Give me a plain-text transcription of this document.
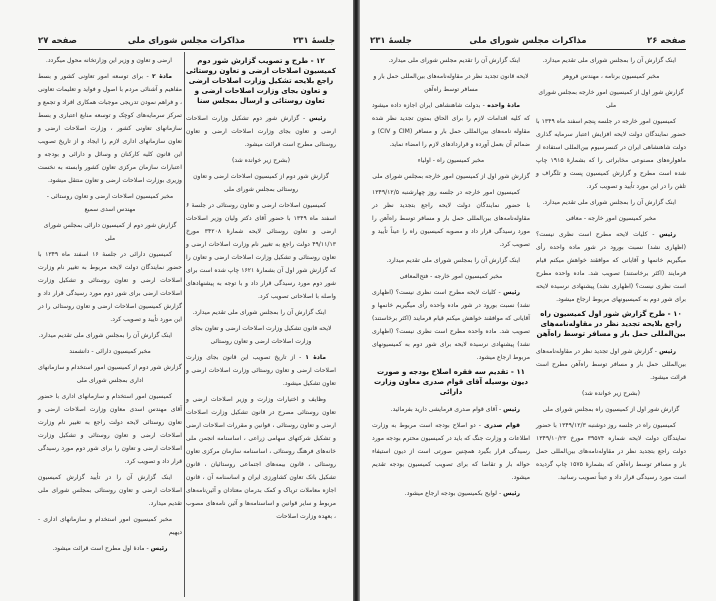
جلسهٔ ۲۳۱
مذاکرات مجلس شورای ملی
صفحه ۲۷
۱۲ - طرح و تصویب گزارش شور دوم کمیسیون اصلاحات ارضی و تعاون روستائی راجع بلایحه تشکیل وزارت اصلاحات ارضی و تعاون بجای وزارت اصلاحات ارضی و تعاون روستائی و ارسال بمجلس سنا

رئیس - گزارش شور دوم تشکیل وزارت اصلاحات ارضی و تعاون بجای وزارت اصلاحات ارضی و تعاون روستائی مطرح است قرائت میشود.

(بشرح زیر خوانده شد)

گزارش شور دوم از کمیسیون اصلاحات ارضی و تعاون روستائی بمجلس شورای ملی

کمیسیون اصلاحات ارضی و تعاون روستائی در جلسهٔ ۶ اسفند ماه ۱۳۴۹ با حضور آقای دکتر ولیان وزیر اصلاحات ارضی و تعاون روستائی لایحه شمارهٔ ۳۴۲۰۸ مورخ ۴۹/۱۱/۱۳ دولت راجع به تغییر نام وزارت اصلاحات ارضی و تعاون روستائی و تشکیل وزارت اصلاحات ارضی و تعاون را که گزارش شور اول آن بشمارهٔ ۱۶۲۱ چاپ شده است برای شور دوم مورد رسیدگی قرار داد و با توجه به پیشنهادهای واصله با اصلاحاتی تصویب کرد.

اینک گزارش آن را بمجلس شورای ملی تقدیم میدارد.

لایحه قانون تشکیل وزارت اصلاحات ارضی و تعاون بجای وزارت اصلاحات ارضی و تعاون روستائی

مادهٔ ۱ - از تاریخ تصویب این قانون بجای وزارت اصلاحات ارضی و تعاون روستائی وزارت اصلاحات ارضی و تعاون تشکیل میشود.

وظایف و اختیارات وزارت و وزیر اصلاحات ارضی و تعاون روستائی مصرح در قانون تشکیل وزارت اصلاحات ارضی و تعاون روستائی ، قوانین و مقررات اصلاحات ارضی و تشکیل شرکتهای سهامی زراعی ، اساسنامه انجمن ملی خانه‌های فرهنگ روستائی ، اساسنامه سازمان مرکزی تعاون روستائی ، قانون بیمه‌های اجتماعی روستائیان ، قانون تشکیل بانک تعاون کشاورزی ایران و اساسنامه آن ، قانون اجازه معاملات تریاک و کمک بدرمان معتادان و آئین‌نامه‌های مربوط و سایر قوانین و اساسنامه‌ها و آئین نامه‌های مصوب ، بعهده وزارت اصلاحات

ارضی و تعاون و وزیر این وزارتخانه محول میگردد.

مادهٔ ۲ - برای توسعه امور تعاونی کشور و بسط مفاهیم و آشنائی مردم با اصول و فواید و تعلیمات تعاونی ، و فراهم نمودن تدریجی موجبات همکاری افراد و تجمع و تمرکز سرمایه‌های کوچک و توسعه منابع اعتباری و بسط سازمانهای تعاونی کشور ، وزارت اصلاحات ارضی و تعاون سازمانهای اداری لازم را ایجاد و از تاریخ تصویب این قانون کلیه کارکنان و وسائل و دارائی و بودجه و اعتبارات سازمان مرکزی تعاون کشور وابسته به نخست وزیری بوزارت اصلاحات ارضی و تعاون منتقل میشود.

مخبر کمیسیون اصلاحات ارضی و تعاون روستائی - مهندس اسدی سمیع

گزارش شور دوم از کمیسیون دارائی بمجلس شورای ملی

کمیسیون دارائی در جلسهٔ ۱۶ اسفند ماه ۱۳۴۹ با حضور نمایندگان دولت لایحه مربوط به تغییر نام وزارت اصلاحات ارضی و تعاون روستائی و تشکیل وزارت اصلاحات ارضی برای شور دوم مورد رسیدگی قرار داد و گزارش کمیسیون اصلاحات ارضی و تعاون روستائی را در این مورد تأیید و تصویب کرد.

اینک گزارش آن را بمجلس شورای ملی تقدیم میدارد.

مخبر کمیسیون دارائی - دانشمند

گزارش شور دوم از کمیسیون امور استخدام و سازمانهای اداری بمجلس شورای ملی

کمیسیون امور استخدام و سازمانهای اداری با حضور آقای مهندس اسدی معاون وزارت اصلاحات ارضی و تعاون روستائی لایحه دولت راجع به تغییر نام وزارت اصلاحات ارضی و تعاون روستائی و تشکیل وزارت اصلاحات ارضی و تعاون را برای شور دوم مورد رسیدگی قرار داد و تصویب کرد.

اینک گزارش آن را در تأیید گزارش کمیسیون اصلاحات ارضی و تعاون روستائی بمجلس شورای ملی تقدیم میدارد.

مخبر کمیسیون امور استخدام و سازمانهای اداری - دیهیم

رئیس - مادهٔ اول مطرح است قرائت میشود.

جلسهٔ ۲۳۱	مذاکرات مجلس شورای ملی	صفحه ۲۶

اینک گزارش آن را بمجلس شورای ملی تقدیم میدارد.

مخبر کمیسیون برنامه ، مهندس فروهر

گزارش شور اول از کمیسیون امور خارجه بمجلس شورای ملی

کمیسیون امور خارجه در جلسه پنجم اسفند ماه ۱۳۴۹ با حضور نمایندگان دولت لایحه افزایش اعتبار سرمایه گذاری دولت شاهنشاهی ایران در کنسرسیوم بین‌المللی استفاده از ماهواره‌های مصنوعی مخابراتی را که بشمارهٔ ۱۹۱۵ چاپ شده است مطرح و گزارش کمیسیون پست و تلگراف و تلفن را در این مورد تأیید و تصویب کرد.

اینک گزارش آن را بمجلس شورای ملی تقدیم میدارد.

مخبر کمیسیون امور خارجه - معافی

رئیس - کلیات لایحه مطرح است نظری نیست؟ (اظهاری نشد) نسبت بورود در شور ماده واحده رأی میگیریم خانمها و آقایانی که موافقند خواهش میکنم قیام فرمایند (اکثر برخاستند) تصویب شد. ماده واحده مطرح است نظری نیست؟ (اظهاری نشد) پیشنهادی نرسیده لایحه برای شور دوم به کمیسیونهای مربوط ارجاع میشود.

۱۰ - طرح گزارش شور اول کمیسیون راه راجع بلایحه تجدید نظر در مقاوله‌نامه‌های بین‌المللی حمل بار و مسافر توسط راه‌آهن

رئیس - گزارش شور اول تجدید نظر در مقاوله‌نامه‌های بین‌المللی حمل بار و مسافر توسط راه‌آهن مطرح است قرائت میشود.

(بشرح زیر خوانده شد)

گزارش شور اول از کمیسیون راه بمجلس شورای ملی

کمیسیون راه در جلسه روز دوشنبه ۱۳۴۹/۱۲/۳ با حضور نمایندگان دولت لایحه شماره ۳۹۵۷۴ مورخ ۱۳۴۹/۱۰/۲۳ دولت راجع بتجدید نظر در مقاوله‌نامه‌های بین‌المللی حمل بار و مسافر توسط راه‌آهن که بشمارهٔ ۱۵۷۵ چاپ گردیده است مورد رسیدگی قرار داد و عیناً تصویب رسانید.

اینک گزارش آن را تقدیم مجلس شورای ملی میدارد.

لایحه قانون تجدید نظر در مقاوله‌نامه‌های بین‌المللی حمل بار و مسافر توسط راه‌آهن

مادهٔ واحده - بدولت شاهنشاهی ایران اجازه داده میشود که کلیه اقدامات لازم را برای الحاق بمتون تجدید نظر شده مقاوله نامه‌های بین‌المللی حمل بار و مسافر (CIM و CIV) و ضمائم آن بعمل آورده و قراردادهای لازم را امضاء نماید.

مخبر کمیسیون راه - اولیاء

گزارش شور اول از کمیسیون امور خارجه بمجلس شورای ملی

کمیسیون امور خارجه در جلسه روز چهارشنبه ۱۳۴۹/۱۲/۵ با حضور نمایندگان دولت لایحه راجع بتجدید نظر در مقاوله‌نامه‌های بین‌المللی حمل بار و مسافر توسط راه‌آهن را مورد رسیدگی قرار داد و مصوبه کمیسیون راه را عیناً تأیید و تصویب کرد.

اینک گزارش آن را بمجلس شورای ملی تقدیم میدارد.

مخبر کمیسیون امور خارجه - فتح‌المعافی

رئیس - کلیات لایحه مطرح است نظری نیست؟ (اظهاری نشد) نسبت بورود در شور ماده واحده رأی میگیریم خانمها و آقایانی که موافقند خواهش میکنم قیام فرمایند (اکثر برخاستند) تصویب شد. ماده واحده مطرح است نظری نیست؟ (اظهاری نشد) پیشنهادی نرسیده لایحه برای شور دوم به کمیسیونهای مربوط ارجاع میشود.

۱۱ - تقدیم سه فقره اصلاح بودجه و صورت دیون بوسیله آقای قوام صدری معاون وزارت دارائی

رئیس - آقای قوام صدری فرمایشی دارید بفرمائید.

قوام صدری - دو اصلاح بودجه است مربوط به وزارت اطلاعات و وزارت جنگ که باید در کمیسیون محترم بودجه مورد رسیدگی قرار بگیرد همچنین صورتی است از دیون استیفاء حواله بار و تقاضا که برای تصویب کمیسیون بودجه تقدیم میشود.

رئیس - لوایح بکمیسیون بودجه ارجاع میشود.
